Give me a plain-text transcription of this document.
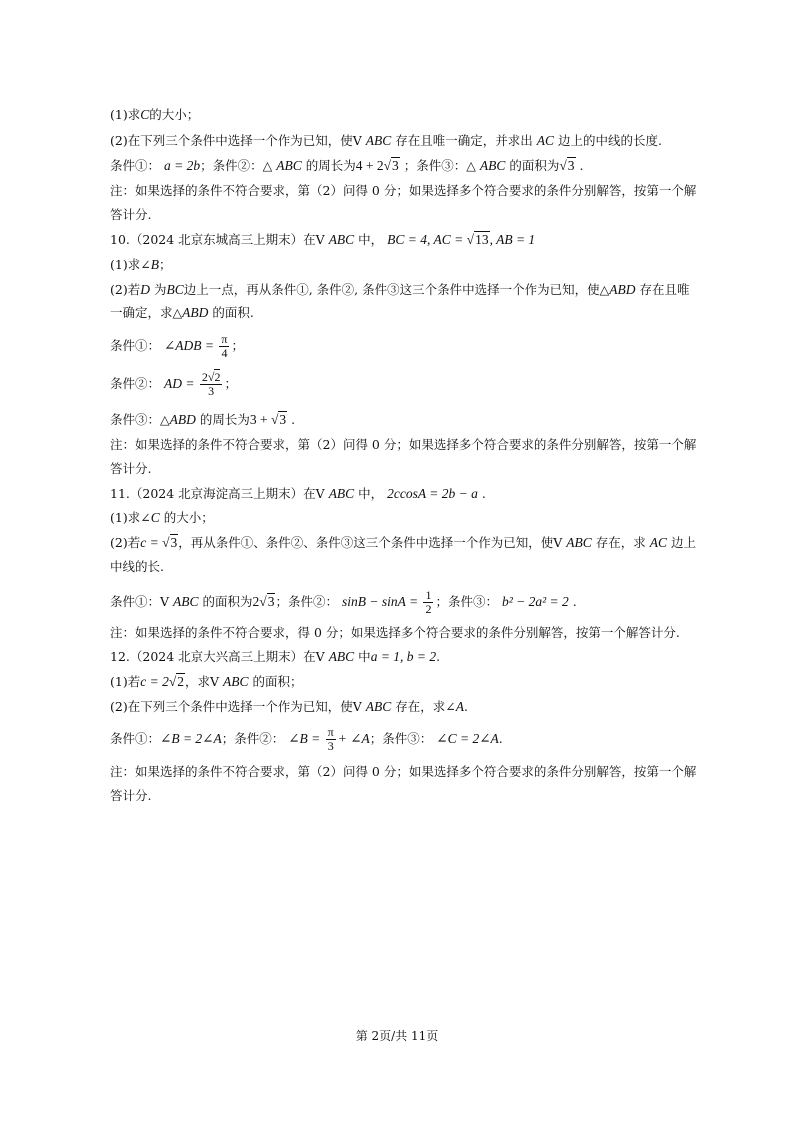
(1)求C的大小；
(2)在下列三个条件中选择一个作为已知，使V ABC 存在且唯一确定，并求出 AC 边上的中线的长度.
条件①： a = 2b；条件②：△ ABC 的周长为4 + 2√3 ；条件③：△ ABC 的面积为√3 .
注：如果选择的条件不符合要求，第（2）问得 0 分；如果选择多个符合要求的条件分别解答，按第一个解
答计分.
10.（2024 北京东城高三上期末）在V ABC 中， BC = 4, AC = √13, AB = 1
(1)求∠B；
(2)若D 为BC边上一点，再从条件①, 条件②, 条件③这三个条件中选择一个作为已知，使△ABD 存在且唯
一确定，求△ABD 的面积.
条件①： ∠ADB = $\frac{\pi}{4}$ ；
条件②： AD = $\frac{2√2}{3}$ ；
条件③：△ABD 的周长为3 + √3 .
注：如果选择的条件不符合要求，第（2）问得 0 分；如果选择多个符合要求的条件分别解答，按第一个解
答计分.
11.（2024 北京海淀高三上期末）在V ABC 中， 2ccosA = 2b − a .
(1)求∠C 的大小；
(2)若c = √3，再从条件①、条件②、条件③这三个条件中选择一个作为已知，使V ABC 存在，求 AC 边上
中线的长.
条件①：V ABC 的面积为2√3；条件②： $\sin B - \sin A = \frac{1}{2}$ ；条件③： b² − 2a² = 2 .
注：如果选择的条件不符合要求，得 0 分；如果选择多个符合要求的条件分别解答，按第一个解答计分.
12.（2024 北京大兴高三上期末）在V ABC 中a = 1, b = 2.
(1)若c = 2√2，求V ABC 的面积；
(2)在下列三个条件中选择一个作为已知，使V ABC 存在，求∠A.
条件①：∠B = 2∠A；条件②： ∠B = $\frac{\pi}{3}$ + ∠A；条件③： ∠C = 2∠A.
注：如果选择的条件不符合要求，第（2）问得 0 分；如果选择多个符合要求的条件分别解答，按第一个解
答计分.
第 2页/共 11页
